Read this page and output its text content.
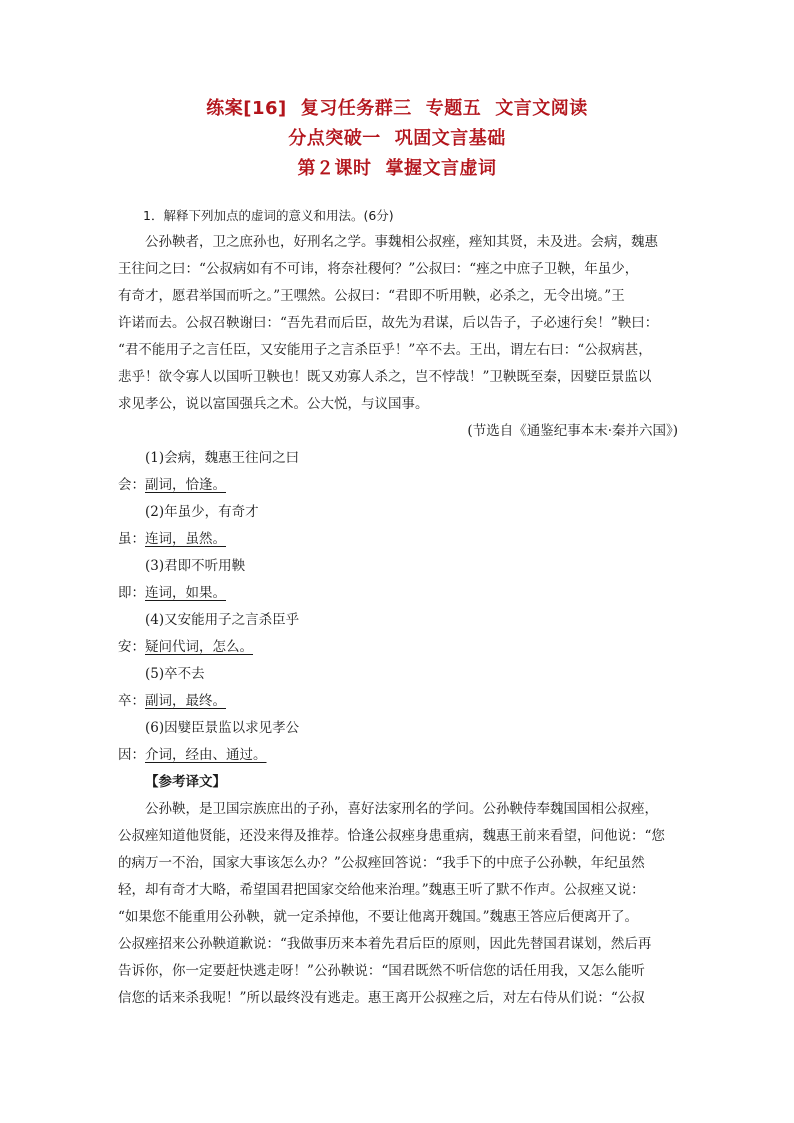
练案[16] 复习任务群三 专题五 文言文阅读
分点突破一 巩固文言基础
第２课时 掌握文言虚词
1．解释下列加点的虚词的意义和用法。(6分)
公孙鞅者，卫之庶孙也，好刑名之学。事魏相公叔痤，痤知其贤，未及进。会病，魏惠
王往问之曰：“公叔病如有不可讳，将奈社稷何？”公叔曰：“痤之中庶子卫鞅，年虽少，
有奇才，愿君举国而听之。”王嘿然。公叔曰：“君即不听用鞅，必杀之，无令出境。”王
许诺而去。公叔召鞅谢曰：“吾先君而后臣，故先为君谋，后以告子，子必速行矣！”鞅曰：
“君不能用子之言任臣，又安能用子之言杀臣乎！”卒不去。王出，谓左右曰：“公叔病甚，
悲乎！欲令寡人以国听卫鞅也！既又劝寡人杀之，岂不悖哉！”卫鞅既至秦，因嬖臣景监以
求见孝公，说以富国强兵之术。公大悦，与议国事。
(节选自《通鉴纪事本末·秦并六国》)
(1)会病，魏惠王往问之曰
会：副词，恰逢。
(2)年虽少，有奇才
虽：连词，虽然。
(3)君即不听用鞅
即：连词，如果。
(4)又安能用子之言杀臣乎
安：疑问代词，怎么。
(5)卒不去
卒：副词，最终。
(6)因嬖臣景监以求见孝公
因：介词，经由、通过。
【参考译文】
公孙鞅，是卫国宗族庶出的子孙，喜好法家刑名的学问。公孙鞅侍奉魏国国相公叔痤，
公叔痤知道他贤能，还没来得及推荐。恰逢公叔痤身患重病，魏惠王前来看望，问他说：“您
的病万一不治，国家大事该怎么办？”公叔痤回答说：“我手下的中庶子公孙鞅，年纪虽然
轻，却有奇才大略，希望国君把国家交给他来治理。”魏惠王听了默不作声。公叔痤又说：
“如果您不能重用公孙鞅，就一定杀掉他，不要让他离开魏国。”魏惠王答应后便离开了。
公叔痤招来公孙鞅道歉说：“我做事历来本着先君后臣的原则，因此先替国君谋划，然后再
告诉你，你一定要赶快逃走呀！”公孙鞅说：“国君既然不听信您的话任用我，又怎么能听
信您的话来杀我呢！”所以最终没有逃走。惠王离开公叔痤之后，对左右侍从们说：“公叔
